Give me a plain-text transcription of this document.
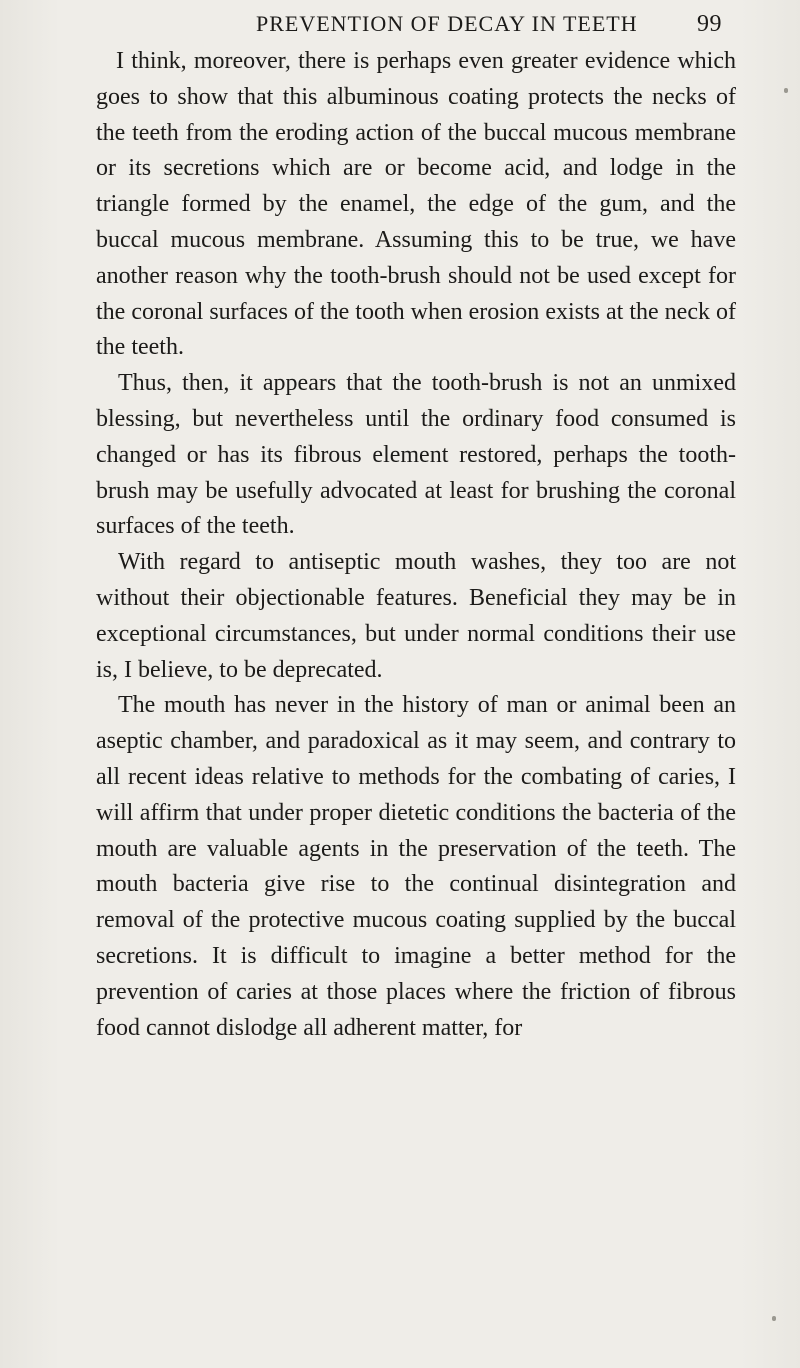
PREVENTION OF DECAY IN TEETH 99

I think, moreover, there is perhaps even greater evidence which goes to show that this albuminous coating protects the necks of the teeth from the eroding action of the buccal mucous membrane or its secretions which are or become acid, and lodge in the triangle formed by the enamel, the edge of the gum, and the buccal mucous membrane. Assuming this to be true, we have another reason why the tooth-brush should not be used except for the coronal surfaces of the tooth when erosion exists at the neck of the teeth.

Thus, then, it appears that the tooth-brush is not an unmixed blessing, but nevertheless until the ordinary food consumed is changed or has its fibrous element restored, perhaps the tooth-brush may be usefully advocated at least for brushing the coronal surfaces of the teeth.

With regard to antiseptic mouth washes, they too are not without their objectionable features. Beneficial they may be in exceptional circumstances, but under normal conditions their use is, I believe, to be deprecated.

The mouth has never in the history of man or animal been an aseptic chamber, and paradoxical as it may seem, and contrary to all recent ideas relative to methods for the combating of caries, I will affirm that under proper dietetic conditions the bacteria of the mouth are valuable agents in the preservation of the teeth. The mouth bacteria give rise to the continual disintegration and removal of the protective mucous coating supplied by the buccal secretions. It is difficult to imagine a better method for the prevention of caries at those places where the friction of fibrous food cannot dislodge all adherent matter, for
